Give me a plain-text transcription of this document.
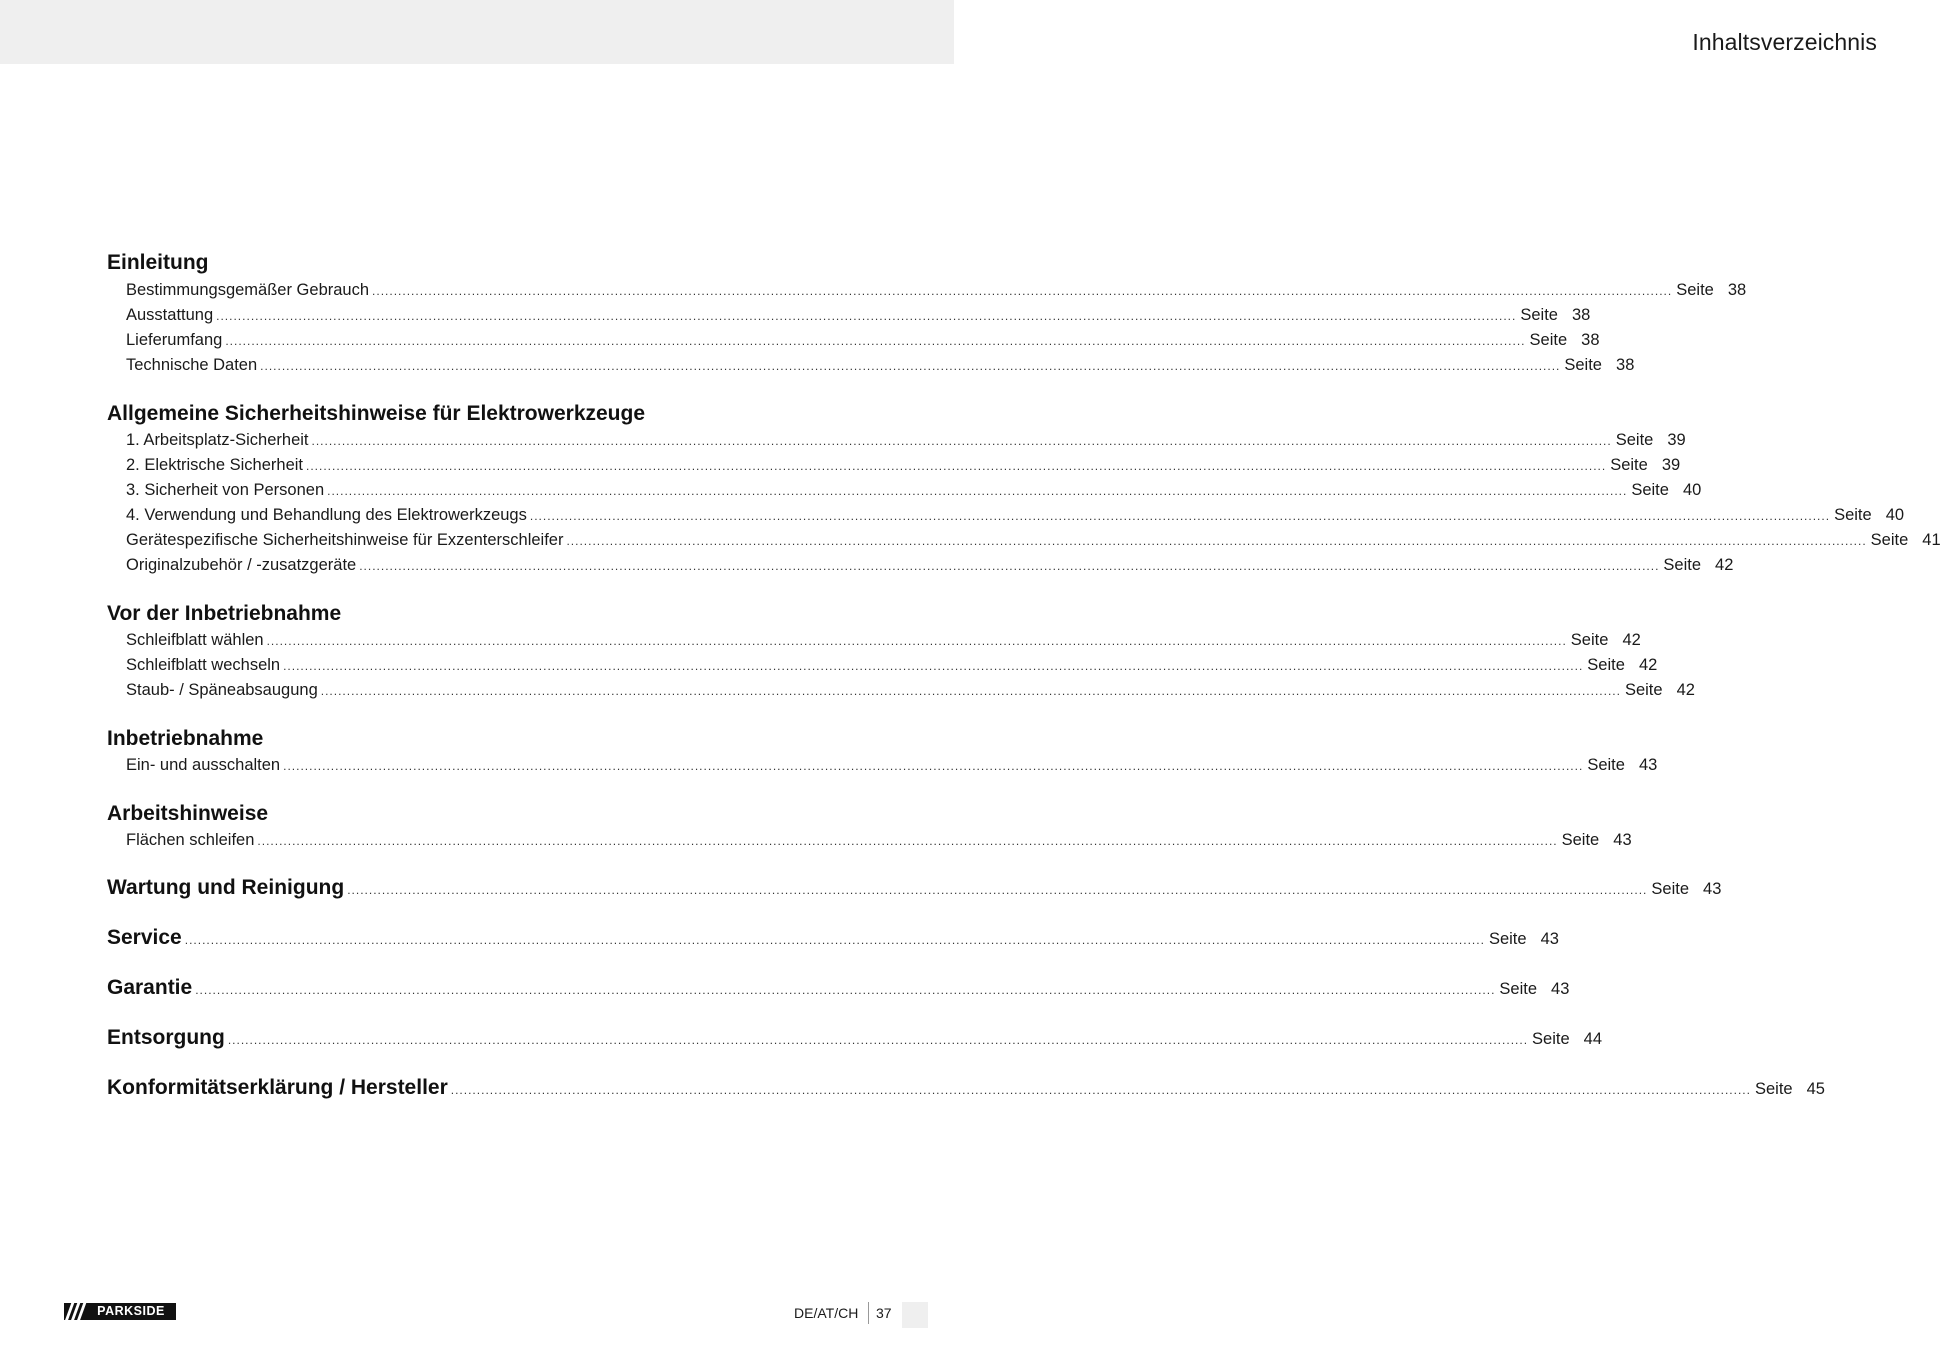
Inhaltsverzeichnis
Einleitung
Bestimmungsgemäßer Gebrauch ............................................................................................................................................................................................................................................................................................................ Seite 38
Ausstattung ............................................................................................................................................................................................................................................................................................................ Seite 38
Lieferumfang ............................................................................................................................................................................................................................................................................................................ Seite 38
Technische Daten ............................................................................................................................................................................................................................................................................................................ Seite 38
Allgemeine Sicherheitshinweise für Elektrowerkzeuge
1. Arbeitsplatz-Sicherheit ............................................................................................................................................................................................................................................................................................................ Seite 39
2. Elektrische Sicherheit ............................................................................................................................................................................................................................................................................................................ Seite 39
3. Sicherheit von Personen ............................................................................................................................................................................................................................................................................................................ Seite 40
4. Verwendung und Behandlung des Elektrowerkzeugs ............................................................................................................................................................................................................................................................................................................ Seite 40
Gerätespezifische Sicherheitshinweise für Exzenterschleifer ............................................................................................................................................................................................................................................................................................................ Seite 41
Originalzubehör / -zusatzgeräte ............................................................................................................................................................................................................................................................................................................ Seite 42
Vor der Inbetriebnahme
Schleifblatt wählen ............................................................................................................................................................................................................................................................................................................ Seite 42
Schleifblatt wechseln ............................................................................................................................................................................................................................................................................................................ Seite 42
Staub- / Späneabsaugung ............................................................................................................................................................................................................................................................................................................ Seite 42
Inbetriebnahme
Ein- und ausschalten ............................................................................................................................................................................................................................................................................................................ Seite 43
Arbeitshinweise
Flächen schleifen ............................................................................................................................................................................................................................................................................................................ Seite 43
Wartung und Reinigung ............................................................................................................................................................................................................................................................................................................ Seite 43
Service ............................................................................................................................................................................................................................................................................................................ Seite 43
Garantie ............................................................................................................................................................................................................................................................................................................ Seite 43
Entsorgung ............................................................................................................................................................................................................................................................................................................ Seite 44
Konformitätserklärung / Hersteller ............................................................................................................................................................................................................................................................................................................ Seite 45
PARKSIDE	DE/AT/CH 37
